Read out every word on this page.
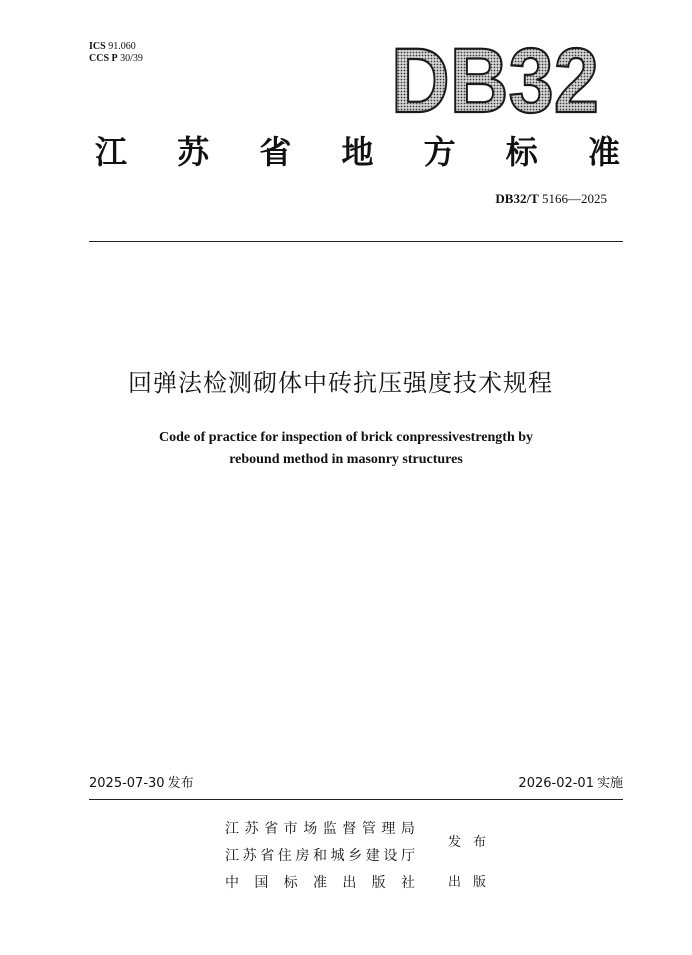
ICS 91.060
CCS P 30/39	DB32
江 苏 省 地 方 标 准
DB32/T 5166—2025
回弹法检测砌体中砖抗压强度技术规程
Code of practice for inspection of brick conpressivestrength by
rebound method in masonry structures
2025-07-30 发布	2026-02-01 实施
江 苏 省 市 场 监 督 管 理 局
江 苏 省 住 房 和 城 乡 建 设 厅
中 国 标 准 出 版 社
发 布
出 版
